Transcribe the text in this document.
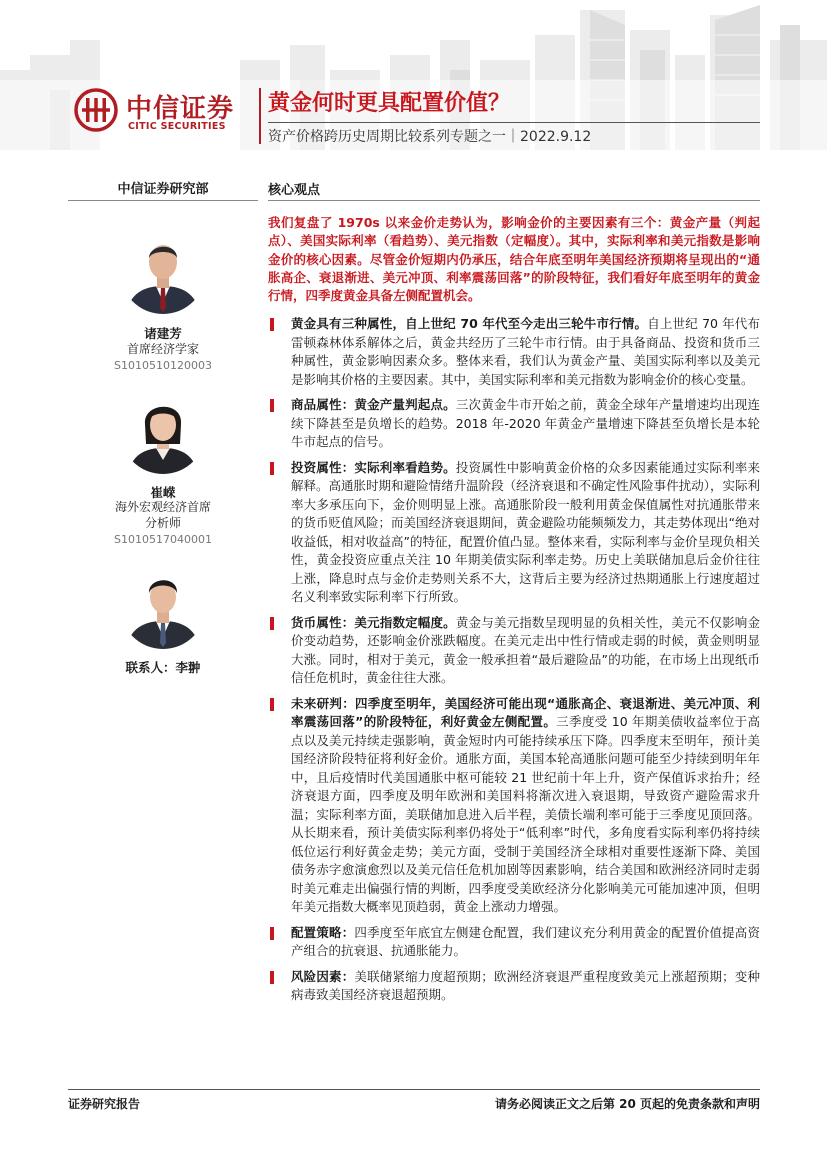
中信证券
CITIC SECURITIES
黄金何时更具配置价值？
资产价格跨历史周期比较系列专题之一｜2022.9.12
中信证券研究部
诸建芳
首席经济学家
S1010510120003
崔嵘
海外宏观经济首席
分析师
S1010517040001
联系人：李翀
核心观点
我们复盘了 1970s 以来金价走势认为，影响金价的主要因素有三个：黄金产量（判起点）、美国实际利率（看趋势）、美元指数（定幅度）。其中，实际利率和美元指数是影响金价的核心因素。尽管金价短期内仍承压，结合年底至明年美国经济预期将呈现出的“通胀高企、衰退渐进、美元冲顶、利率震荡回落”的阶段特征，我们看好年底至明年的黄金行情，四季度黄金具备左侧配置机会。
黄金具有三种属性，自上世纪 70 年代至今走出三轮牛市行情。自上世纪 70 年代布雷顿森林体系解体之后，黄金共经历了三轮牛市行情。由于具备商品、投资和货币三种属性，黄金影响因素众多。整体来看，我们认为黄金产量、美国实际利率以及美元是影响其价格的主要因素。其中，美国实际利率和美元指数为影响金价的核心变量。
商品属性：黄金产量判起点。三次黄金牛市开始之前，黄金全球年产量增速均出现连续下降甚至是负增长的趋势。2018 年-2020 年黄金产量增速下降甚至负增长是本轮牛市起点的信号。
投资属性：实际利率看趋势。投资属性中影响黄金价格的众多因素能通过实际利率来解释。高通胀时期和避险情绪升温阶段（经济衰退和不确定性风险事件扰动），实际利率大多承压向下，金价则明显上涨。高通胀阶段一般利用黄金保值属性对抗通胀带来的货币贬值风险；而美国经济衰退期间，黄金避险功能频频发力，其走势体现出“绝对收益低，相对收益高”的特征，配置价值凸显。整体来看，实际利率与金价呈现负相关性，黄金投资应重点关注 10 年期美债实际利率走势。历史上美联储加息后金价往往上涨，降息时点与金价走势则关系不大，这背后主要为经济过热期通胀上行速度超过名义利率致实际利率下行所致。
货币属性：美元指数定幅度。黄金与美元指数呈现明显的负相关性，美元不仅影响金价变动趋势，还影响金价涨跌幅度。在美元走出中性行情或走弱的时候，黄金则明显大涨。同时，相对于美元，黄金一般承担着“最后避险品”的功能，在市场上出现纸币信任危机时，黄金往往大涨。
未来研判：四季度至明年，美国经济可能出现“通胀高企、衰退渐进、美元冲顶、利率震荡回落”的阶段特征，利好黄金左侧配置。三季度受 10 年期美债收益率位于高点以及美元持续走强影响，黄金短时内可能持续承压下降。四季度末至明年，预计美国经济阶段特征将利好金价。通胀方面，美国本轮高通胀问题可能至少持续到明年年中，且后疫情时代美国通胀中枢可能较 21 世纪前十年上升，资产保值诉求抬升；经济衰退方面，四季度及明年欧洲和美国料将渐次进入衰退期，导致资产避险需求升温；实际利率方面，美联储加息进入后半程，美债长端利率可能于三季度见顶回落。从长期来看，预计美债实际利率仍将处于“低利率”时代，多角度看实际利率仍将持续低位运行利好黄金走势；美元方面，受制于美国经济全球相对重要性逐渐下降、美国债务赤字愈演愈烈以及美元信任危机加剧等因素影响，结合美国和欧洲经济同时走弱时美元难走出偏强行情的判断，四季度受美欧经济分化影响美元可能加速冲顶，但明年美元指数大概率见顶趋弱，黄金上涨动力增强。
配置策略：四季度至年底宜左侧建仓配置，我们建议充分利用黄金的配置价值提高资产组合的抗衰退、抗通胀能力。
风险因素：美联储紧缩力度超预期；欧洲经济衰退严重程度致美元上涨超预期；变种病毒致美国经济衰退超预期。
证券研究报告	请务必阅读正文之后第 20 页起的免责条款和声明
